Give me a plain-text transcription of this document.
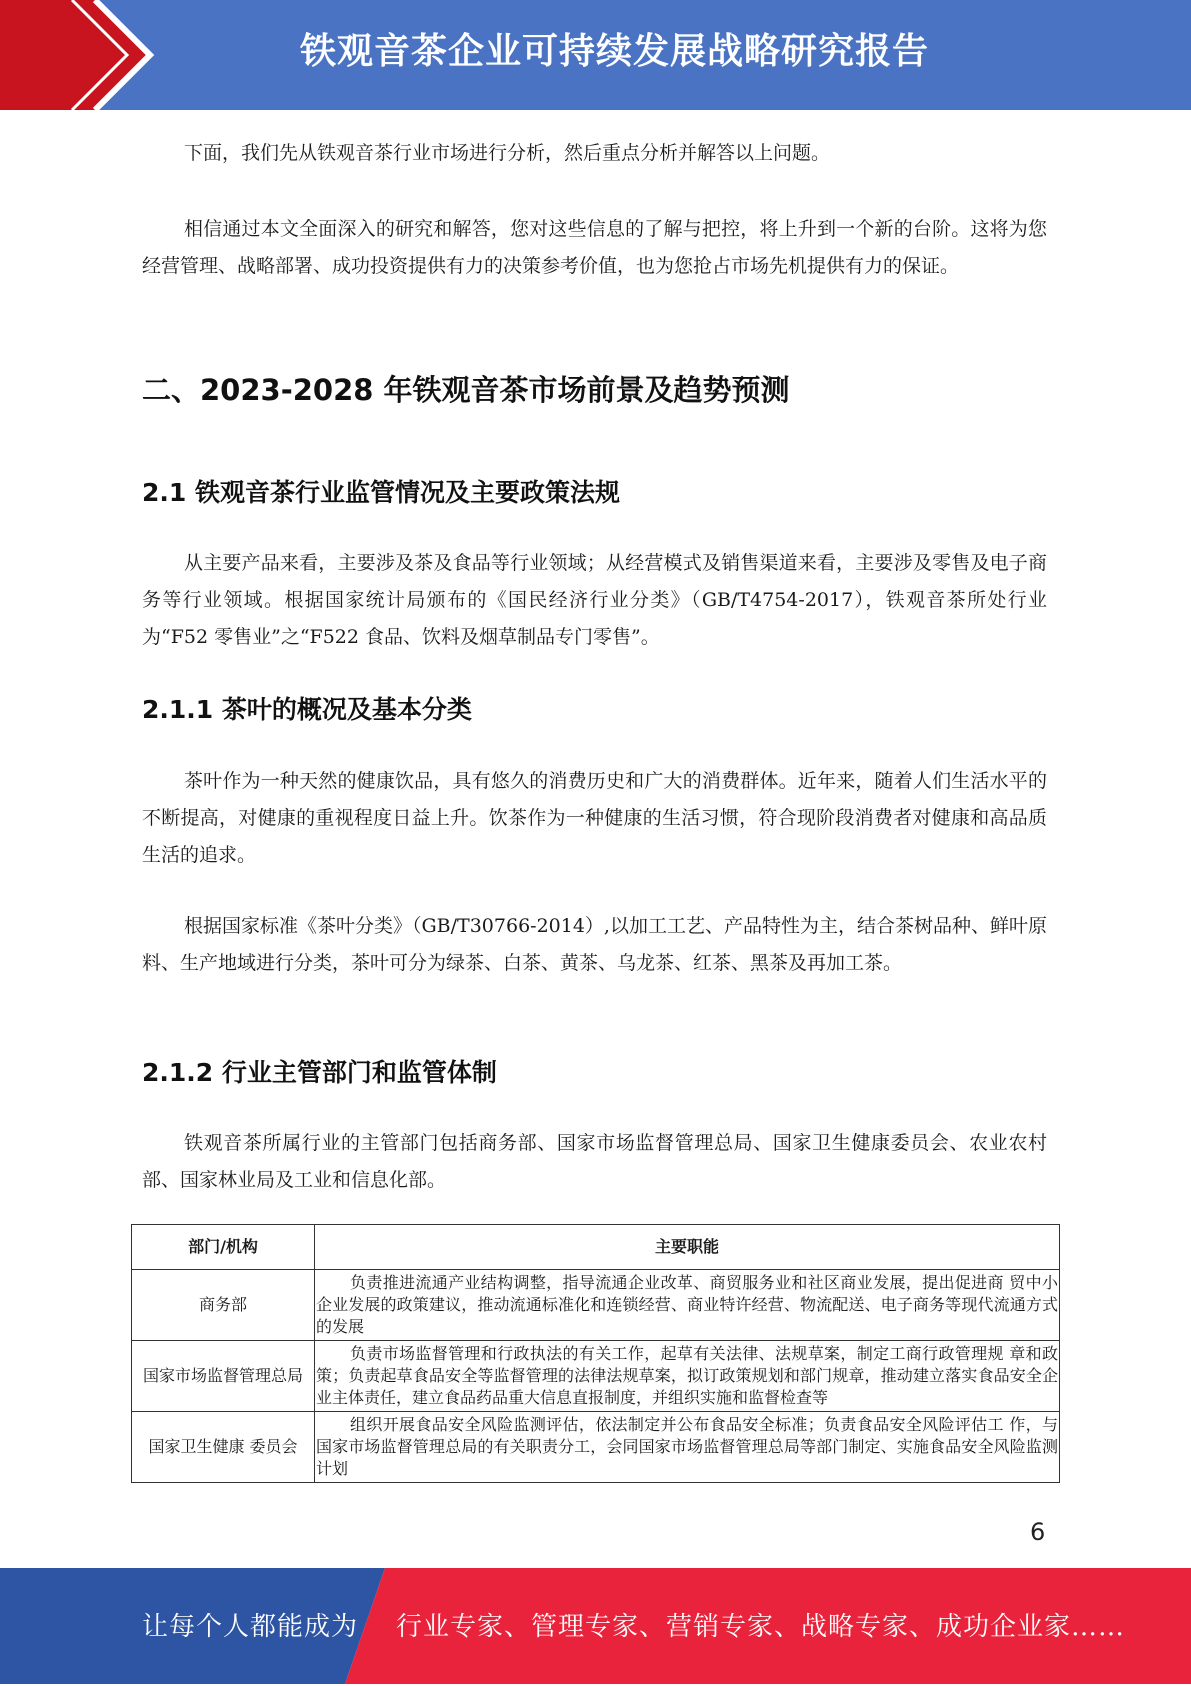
铁观音茶企业可持续发展战略研究报告

下面，我们先从铁观音茶行业市场进行分析，然后重点分析并解答以上问题。

相信通过本文全面深入的研究和解答，您对这些信息的了解与把控，将上升到一个新的台阶。这将为您经营管理、战略部署、成功投资提供有力的决策参考价值，也为您抢占市场先机提供有力的保证。

二、2023-2028 年铁观音茶市场前景及趋势预测
2.1 铁观音茶行业监管情况及主要政策法规

从主要产品来看，主要涉及茶及食品等行业领域；从经营模式及销售渠道来看，主要涉及零售及电子商务等行业领域。根据国家统计局颁布的《国民经济行业分类》（GB/T4754-2017），铁观音茶所处行业为“F52 零售业”之“F522 食品、饮料及烟草制品专门零售”。

2.1.1 茶叶的概况及基本分类

茶叶作为一种天然的健康饮品，具有悠久的消费历史和广大的消费群体。近年来，随着人们生活水平的不断提高，对健康的重视程度日益上升。饮茶作为一种健康的生活习惯，符合现阶段消费者对健康和高品质生活的追求。

根据国家标准《茶叶分类》（GB/T30766-2014）,以加工工艺、产品特性为主，结合茶树品种、鲜叶原料、生产地域进行分类，茶叶可分为绿茶、白茶、黄茶、乌龙茶、红茶、黑茶及再加工茶。

2.1.2 行业主管部门和监管体制

铁观音茶所属行业的主管部门包括商务部、国家市场监督管理总局、国家卫生健康委员会、农业农村部、国家林业局及工业和信息化部。

部门/机构	主要职能
商务部	负责推进流通产业结构调整，指导流通企业改革、商贸服务业和社区商业发展，提出促进商 贸中小企业发展的政策建议，推动流通标准化和连锁经营、商业特许经营、物流配送、电子商务等现代流通方式的发展
国家市场监督管理总局	负责市场监督管理和行政执法的有关工作，起草有关法律、法规草案，制定工商行政管理规 章和政策；负责起草食品安全等监督管理的法律法规草案，拟订政策规划和部门规章，推动建立落实食品安全企业主体责任，建立食品药品重大信息直报制度，并组织实施和监督检查等
国家卫生健康 委员会	组织开展食品安全风险监测评估，依法制定并公布食品安全标准；负责食品安全风险评估工 作，与国家市场监督管理总局的有关职责分工，会同国家市场监督管理总局等部门制定、实施食品安全风险监测计划
6
让每个人都能成为 行业专家、管理专家、营销专家、战略专家、成功企业家……
